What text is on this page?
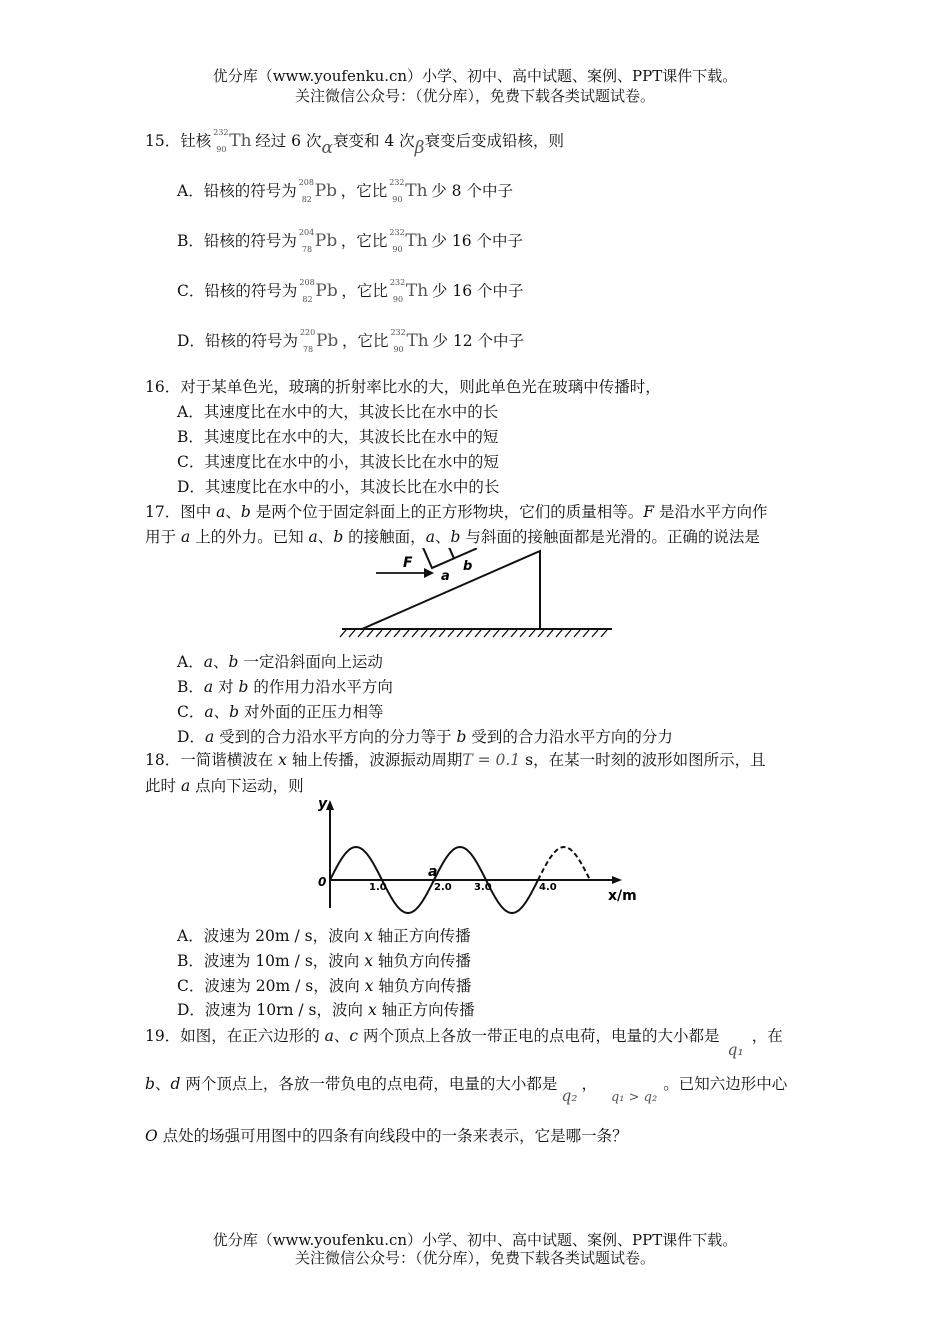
优分库（www.youfenku.cn）小学、初中、高中试题、案例、PPT课件下载。
关注微信公众号：（优分库），免费下载各类试题试卷。
15．钍核 232
90 Th 经过 6 次α衰变和 4 次β衰变后变成铅核，则
A．铅核的符号为 208
82 Pb ，它比 232
90 Th 少 8 个中子
B．铅核的符号为 204
78 Pb ，它比 232
90 Th 少 16 个中子
C．铅核的符号为 208
82 Pb ，它比 232
90 Th 少 16 个中子
D．铅核的符号为 220
78 Pb ，它比 232
90 Th 少 12 个中子
16．对于某单色光，玻璃的折射率比水的大，则此单色光在玻璃中传播时，
A．其速度比在水中的大，其波长比在水中的长
B．其速度比在水中的大，其波长比在水中的短
C．其速度比在水中的小，其波长比在水中的短
D．其速度比在水中的小，其波长比在水中的长
17．图中 a、b 是两个位于固定斜面上的正方形物块，它们的质量相等。F 是沿水平方向作
用于 a 上的外力。已知 a、b 的接触面，a、b 与斜面的接触面都是光滑的。正确的说法是
a
b
F
A．a、b 一定沿斜面向上运动
B．a 对 b 的作用力沿水平方向
C．a、b 对外面的正压力相等
D．a 受到的合力沿水平方向的分力等于 b 受到的合力沿水平方向的分力
18．一简谐横波在 x 轴上传播，波源振动周期T = 0.1 s，在某一时刻的波形如图所示，且
此时 a 点向下运动，则
y
0
x/m
a
1.0	2.0 3.0	4.0
A．波速为 20m / s，波向 x 轴正方向传播
B．波速为 10m / s，波向 x 轴负方向传播
C．波速为 20m / s，波向 x 轴负方向传播
D．波速为 10rn / s，波向 x 轴正方向传播
19．如图，在正六边形的 a、c 两个顶点上各放一带正电的点电荷，电量的大小都是q₁，在
b、d 两个顶点上，各放一带负电的点电荷，电量的大小都是q₂，$_{q_1 > q_2}$。已知六边形中心
O 点处的场强可用图中的四条有向线段中的一条来表示，它是哪一条？
优分库（www.youfenku.cn）小学、初中、高中试题、案例、PPT课件下载。
关注微信公众号：（优分库），免费下载各类试题试卷。
